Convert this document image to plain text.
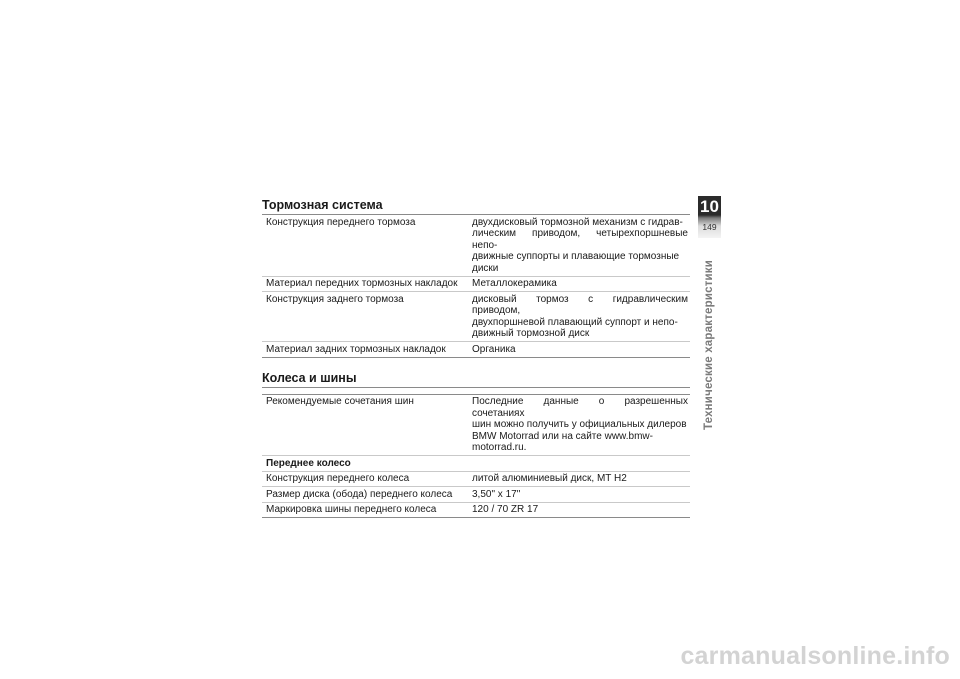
Тормозная система
Конструкция переднего тормоза	двухдисковый тормозной механизм с гидрав-
лическим приводом, четырехпоршневые непо-
движные суппорты и плавающие тормозные
диски
Материал передних тормозных накладок	Металлокерамика
Конструкция заднего тормоза	дисковый тормоз с гидравлическим приводом,
двухпоршневой плавающий суппорт и непо-
движный тормозной диск
Материал задних тормозных накладок	Органика
Колеса и шины
Рекомендуемые сочетания шин	Последние данные о разрешенных сочетаниях
шин можно получить у официальных дилеров
BMW Motorrad или на сайте www.bmw-
motorrad.ru.
Переднее колесо
Конструкция переднего колеса	литой алюминиевый диск, MT H2
Размер диска (обода) переднего колеса	3,50" x 17"
Маркировка шины переднего колеса	120 / 70 ZR 17
10
149
Технические характеристики
carmanualsonline.info
